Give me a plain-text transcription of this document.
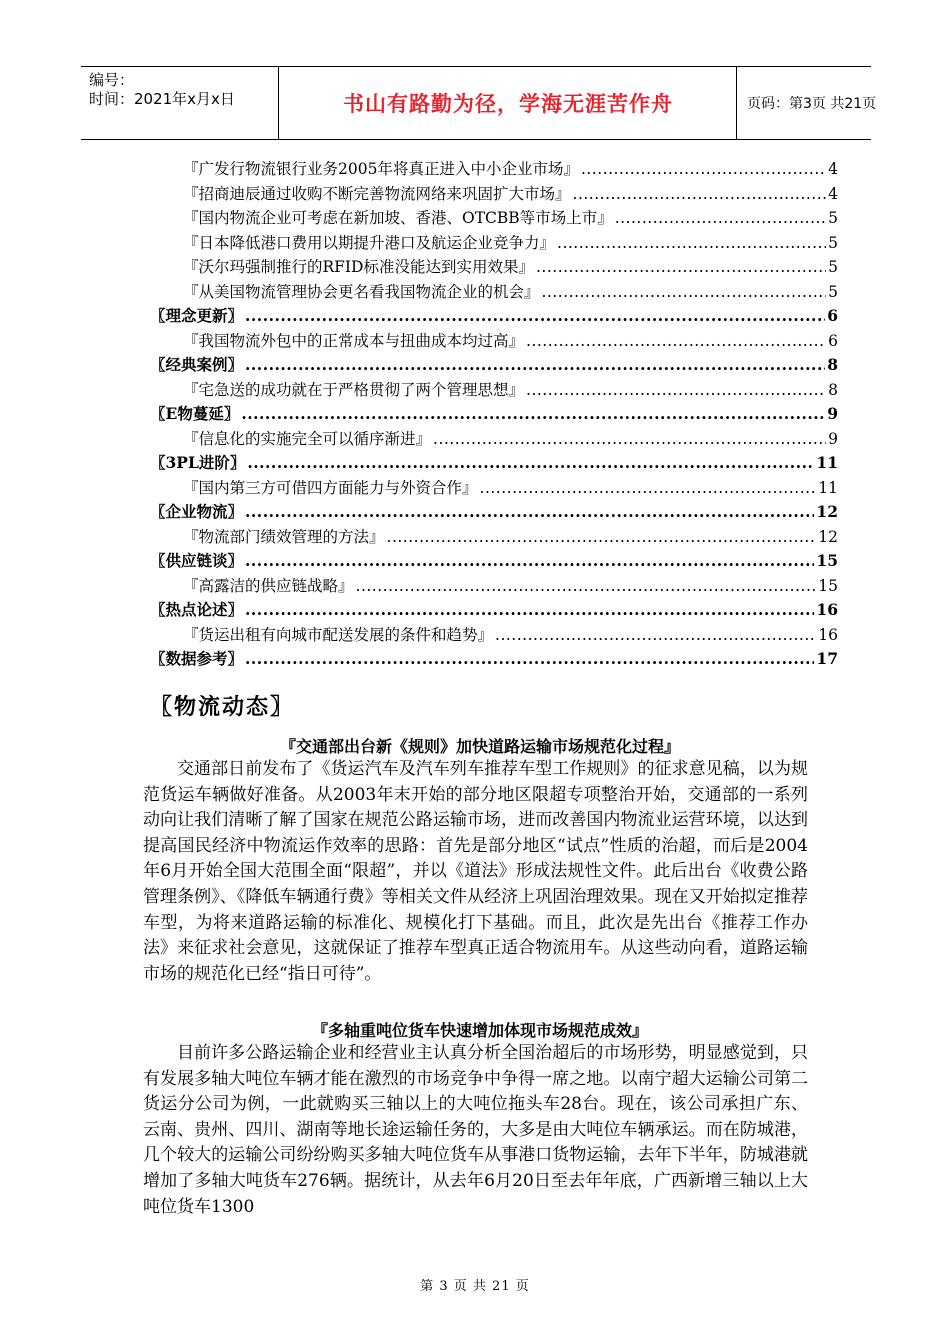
编号：
时间：2021年x月x日	书山有路勤为径，学海无涯苦作舟	页码：第3页 共21页
『广发行物流银行业务2005年将真正进入中小企业市场』 .....	4
『招商迪辰通过收购不断完善物流网络来巩固扩大市场』 .....	4
『国内物流企业可考虑在新加坡、香港、OTCBB等市场上市』 .....	5
『日本降低港口费用以期提升港口及航运企业竞争力』 .....	5
『沃尔玛强制推行的RFID标准没能达到实用效果』 .....	5
『从美国物流管理协会更名看我国物流企业的机会』 .....	5
〖理念更新〗 .....	6
『我国物流外包中的正常成本与扭曲成本均过高』 .....	6
〖经典案例〗 .....	8
『宅急送的成功就在于严格贯彻了两个管理思想』 .....	8
〖E物蔓延〗 .....	9
『信息化的实施完全可以循序渐进』 .....	9
〖3PL进阶〗 .....	11
『国内第三方可借四方面能力与外资合作』 .....	11
〖企业物流〗 .....	12
『物流部门绩效管理的方法』 .....	12
〖供应链谈〗 .....	15
『高露洁的供应链战略』 .....	15
〖热点论述〗 .....	16
『货运出租有向城市配送发展的条件和趋势』 .....	16
〖数据参考〗 .....	17
〖物流动态〗
『交通部出台新《规则》加快道路运输市场规范化过程』
交通部日前发布了《货运汽车及汽车列车推荐车型工作规则》的征求意见稿，以为规范货运车辆做好准备。从2003年末开始的部分地区限超专项整治开始，交通部的一系列动向让我们清晰了解了国家在规范公路运输市场，进而改善国内物流业运营环境，以达到提高国民经济中物流运作效率的思路：首先是部分地区“试点”性质的治超，而后是2004年6月开始全国大范围全面“限超”，并以《道法》形成法规性文件。此后出台《收费公路管理条例》、《降低车辆通行费》等相关文件从经济上巩固治理效果。现在又开始拟定推荐车型，为将来道路运输的标准化、规模化打下基础。而且，此次是先出台《推荐工作办法》来征求社会意见，这就保证了推荐车型真正适合物流用车。从这些动向看，道路运输市场的规范化已经“指日可待”。
『多轴重吨位货车快速增加体现市场规范成效』
目前许多公路运输企业和经营业主认真分析全国治超后的市场形势，明显感觉到，只有发展多轴大吨位车辆才能在激烈的市场竞争中争得一席之地。以南宁超大运输公司第二货运分公司为例，一此就购买三轴以上的大吨位拖头车28台。现在，该公司承担广东、云南、贵州、四川、湖南等地长途运输任务的，大多是由大吨位车辆承运。而在防城港，几个较大的运输公司纷纷购买多轴大吨位货车从事港口货物运输，去年下半年，防城港就增加了多轴大吨货车276辆。据统计，从去年6月20日至去年年底，广西新增三轴以上大吨位货车1300
第 3 页 共 21 页
